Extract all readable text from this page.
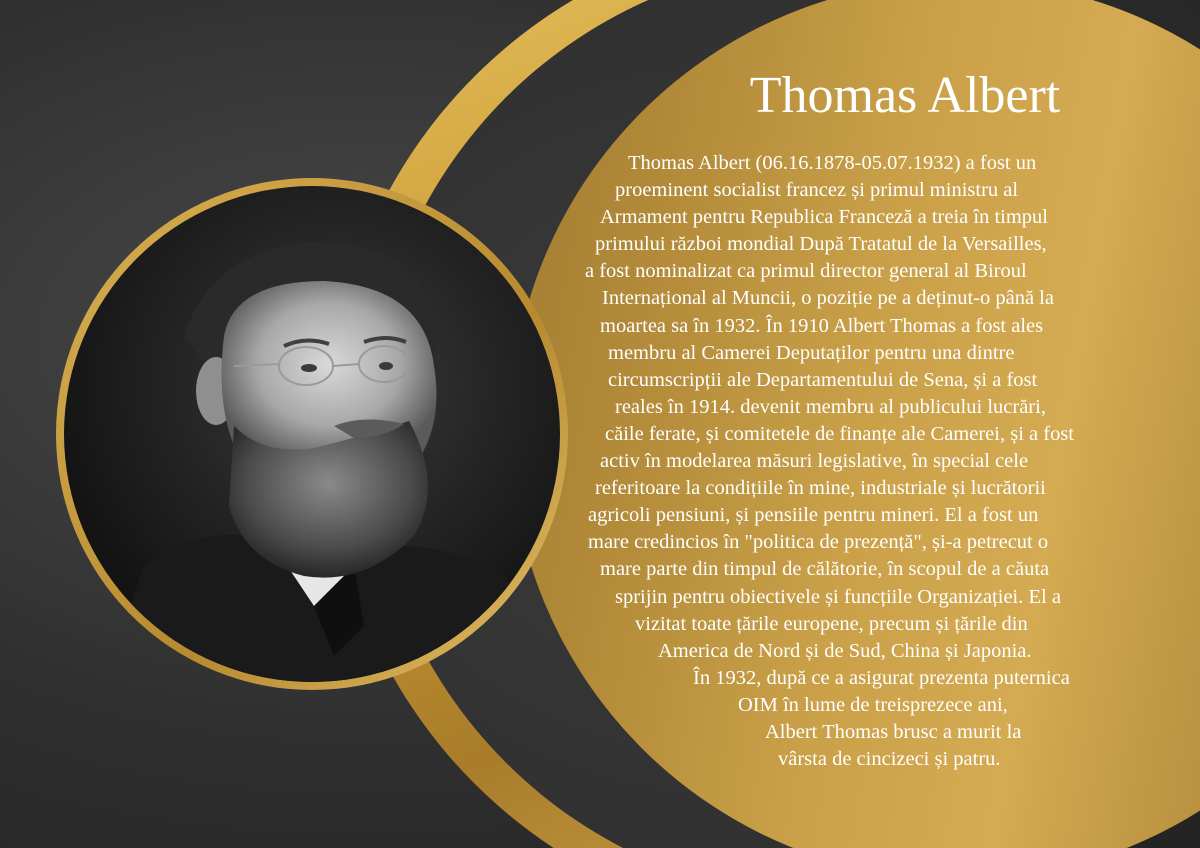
Thomas Albert
Thomas Albert (06.16.1878-05.07.1932) a fost un
proeminent socialist francez și primul ministru al
Armament pentru Republica Franceză a treia în timpul
primului război mondial După Tratatul de la Versailles,
a fost nominalizat ca primul director general al Biroul
Internațional al Muncii, o poziție pe a deținut-o până la
moartea sa în 1932. În 1910 Albert Thomas a fost ales
membru al Camerei Deputaților pentru una dintre
circumscripții ale Departamentului de Sena, și a fost
reales în 1914. devenit membru al publicului lucrări,
căile ferate, și comitetele de finanțe ale Camerei, și a fost
activ în modelarea măsuri legislative, în special cele
referitoare la condițiile în mine, industriale și lucrătorii
agricoli pensiuni, și pensiile pentru mineri. El a fost un
mare credincios în "politica de prezență", și-a petrecut o
mare parte din timpul de călătorie, în scopul de a căuta
sprijin pentru obiectivele și funcțiile Organizației. El a
vizitat toate țările europene, precum și țările din
America de Nord și de Sud, China și Japonia.
În 1932, după ce a asigurat prezenta puternica
OIM în lume de treisprezece ani,
Albert Thomas brusc a murit la
vârsta de cincizeci și patru.
